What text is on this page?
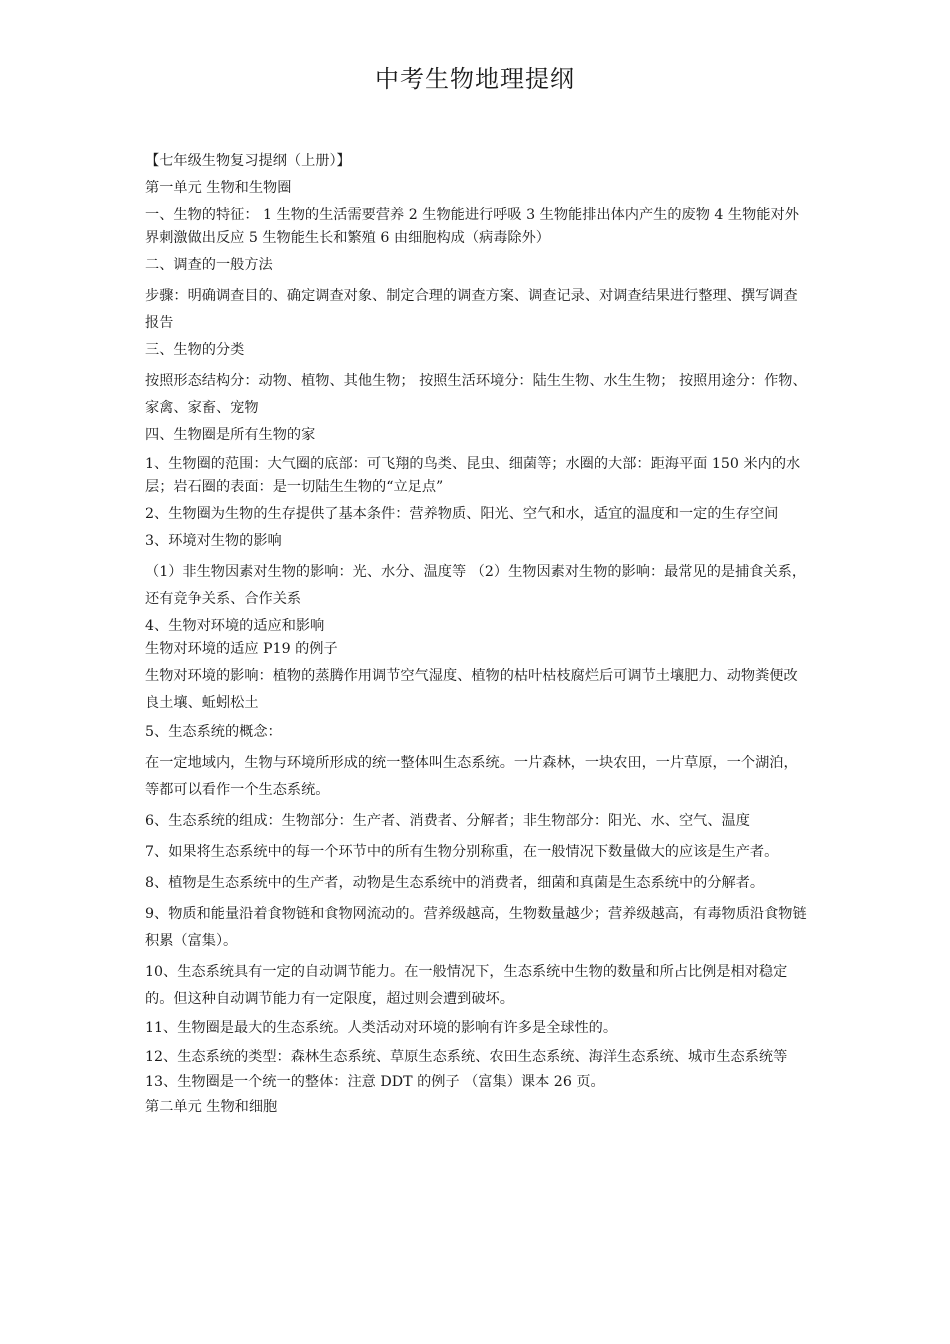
中考生物地理提纲

【七年级生物复习提纲（上册）】

第一单元 生物和生物圈

一、生物的特征： 1 生物的生活需要营养 2 生物能进行呼吸 3 生物能排出体内产生的废物 4 生物能对外界刺激做出反应 5 生物能生长和繁殖 6 由细胞构成（病毒除外）

二、调查的一般方法

步骤：明确调查目的、确定调查对象、制定合理的调查方案、调查记录、对调查结果进行整理、撰写调查报告

三、生物的分类

按照形态结构分：动物、植物、其他生物； 按照生活环境分：陆生生物、水生生物； 按照用途分：作物、家禽、家畜、宠物

四、生物圈是所有生物的家

1、生物圈的范围：大气圈的底部：可飞翔的鸟类、昆虫、细菌等；水圈的大部：距海平面 150 米内的水层；岩石圈的表面：是一切陆生生物的“立足点”

2、生物圈为生物的生存提供了基本条件：营养物质、阳光、空气和水，适宜的温度和一定的生存空间

3、环境对生物的影响

（1）非生物因素对生物的影响：光、水分、温度等 （2）生物因素对生物的影响：最常见的是捕食关系，还有竞争关系、合作关系

4、生物对环境的适应和影响

生物对环境的适应 P19 的例子

生物对环境的影响：植物的蒸腾作用调节空气湿度、植物的枯叶枯枝腐烂后可调节土壤肥力、动物粪便改良土壤、蚯蚓松土

5、生态系统的概念：

在一定地域内，生物与环境所形成的统一整体叫生态系统。一片森林，一块农田，一片草原，一个湖泊，等都可以看作一个生态系统。

6、生态系统的组成：生物部分：生产者、消费者、分解者；非生物部分：阳光、水、空气、温度

7、如果将生态系统中的每一个环节中的所有生物分别称重，在一般情况下数量做大的应该是生产者。

8、植物是生态系统中的生产者，动物是生态系统中的消费者，细菌和真菌是生态系统中的分解者。

9、物质和能量沿着食物链和食物网流动的。营养级越高，生物数量越少；营养级越高，有毒物质沿食物链积累（富集）。

10、生态系统具有一定的自动调节能力。在一般情况下，生态系统中生物的数量和所占比例是相对稳定的。但这种自动调节能力有一定限度，超过则会遭到破坏。

11、生物圈是最大的生态系统。人类活动对环境的影响有许多是全球性的。

12、生态系统的类型：森林生态系统、草原生态系统、农田生态系统、海洋生态系统、城市生态系统等

13、生物圈是一个统一的整体：注意 DDT 的例子 （富集）课本 26 页。

第二单元 生物和细胞
